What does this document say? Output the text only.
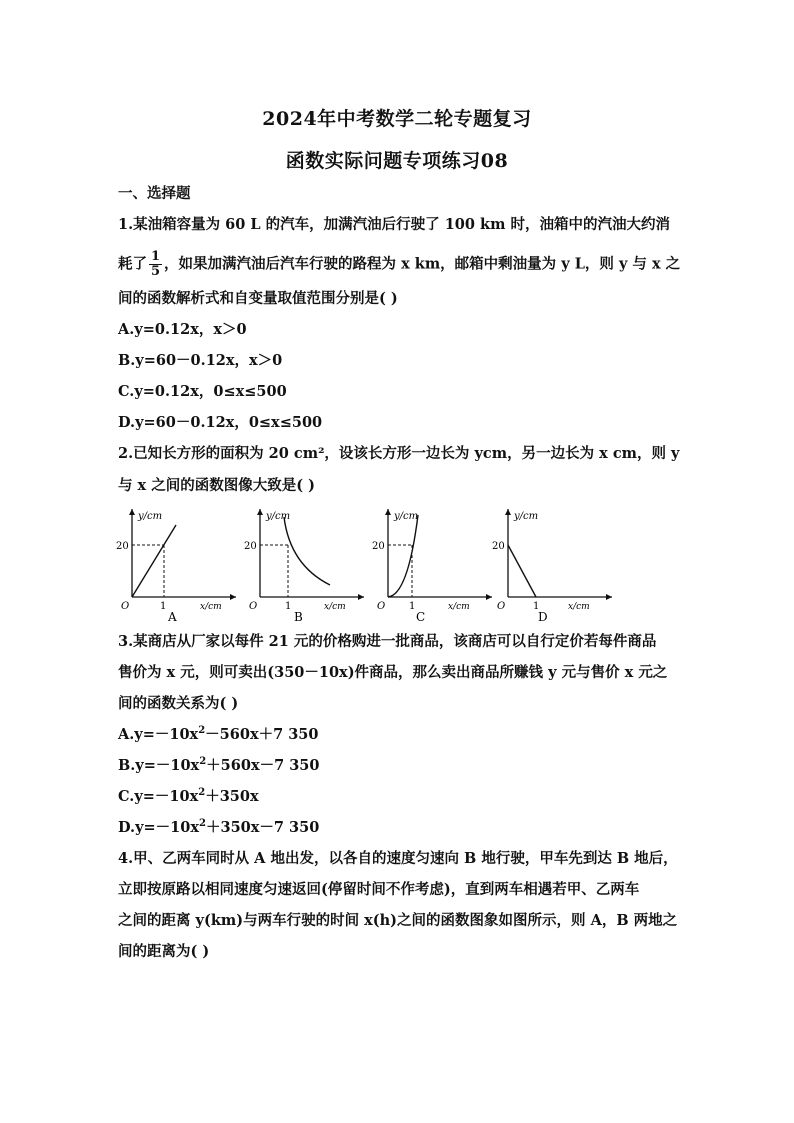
2024年中考数学二轮专题复习
函数实际问题专项练习08
一、选择题
1.某油箱容量为 60 L 的汽车，加满汽油后行驶了 100 km 时，油箱中的汽油大约消
耗了 $\frac{1}{5}$ ，如果加满汽油后汽车行驶的路程为 x km，邮箱中剩油量为 y L，则 y 与 x 之
间的函数解析式和自变量取值范围分别是( )
A.y=0.12x，x＞0
B.y=60－0.12x，x＞0
C.y=0.12x，0≤x≤500
D.y=60－0.12x，0≤x≤500
2.已知长方形的面积为 20 cm²，设该长方形一边长为 ycm，另一边长为 x cm，则 y
与 x 之间的函数图像大致是( )
y/cm
20
1
O	x/cm
A
y/cm
20
1
O	x/cm
B
y/cm
20
1
O	x/cm
C
y/cm
20
1
O	x/cm
D
3.某商店从厂家以每件 21 元的价格购进一批商品，该商店可以自行定价若每件商品
售价为 x 元，则可卖出(350－10x)件商品，那么卖出商品所赚钱 y 元与售价 x 元之
间的函数关系为( )
$A.y=-10x^2-560x+7$ 350
$B.y=-10x^2+560x-7$ 350
$C.y=-10x^2+350x$
$D.y=-10x^2+350x-7$ 350
4.甲、乙两车同时从 A 地出发，以各自的速度匀速向 B 地行驶，甲车先到达 B 地后，
立即按原路以相同速度匀速返回(停留时间不作考虑)，直到两车相遇若甲、乙两车
之间的距离 y(km)与两车行驶的时间 x(h)之间的函数图象如图所示，则 A，B 两地之
间的距离为( )
